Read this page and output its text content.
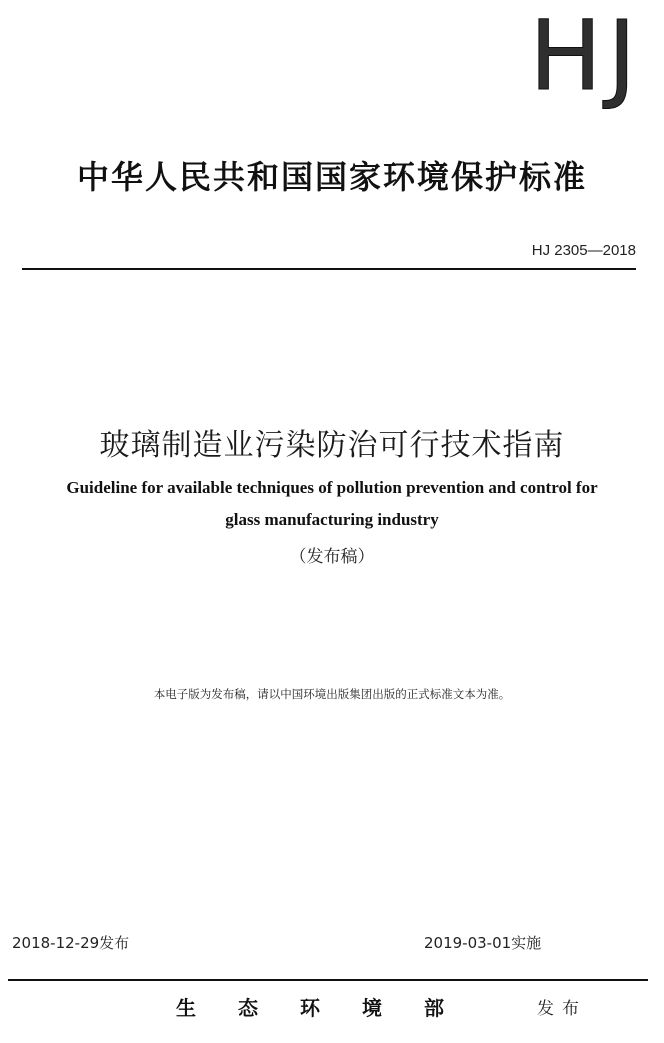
HJ
中华人民共和国国家环境保护标准
HJ 2305—2018
玻璃制造业污染防治可行技术指南
Guideline for available techniques of pollution prevention and control for
glass manufacturing industry
（发布稿）
本电子版为发布稿，请以中国环境出版集团出版的正式标准文本为准。
2018-12-29发布	2019-03-01实施
生态环境部	发布
